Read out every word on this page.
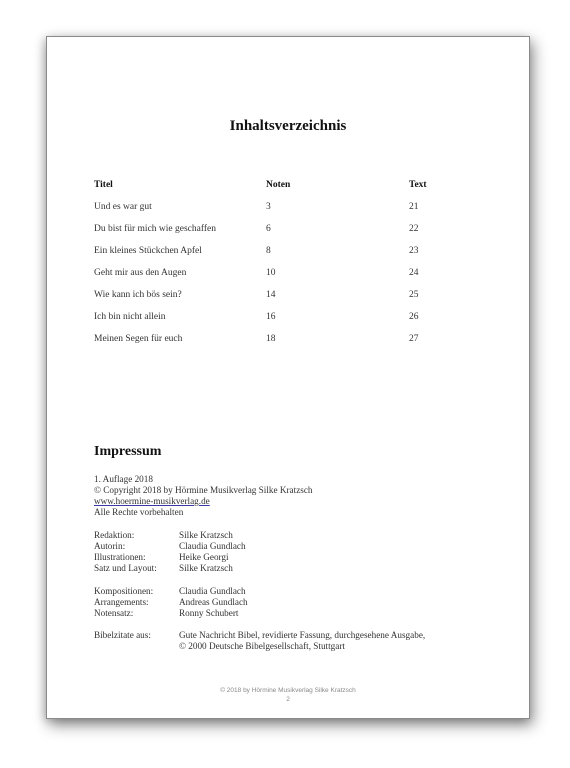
Inhaltsverzeichnis
Titel	Noten	Text
Und es war gut	3	21
Du bist für mich wie geschaffen	6	22
Ein kleines Stückchen Apfel	8	23
Geht mir aus den Augen	10	24
Wie kann ich bös sein?	14	25
Ich bin nicht allein	16	26
Meinen Segen für euch	18	27
Impressum
1. Auflage 2018
© Copyright 2018 by Hörmine Musikverlag Silke Kratzsch
www.hoermine-musikverlag.de
Alle Rechte vorbehalten
Redaktion:	Silke Kratzsch
Autorin:	Claudia Gundlach
Illustrationen:	Heike Georgi
Satz und Layout: Silke Kratzsch
Kompositionen:	Claudia Gundlach
Arrangements:	Andreas Gundlach
Notensatz:	Ronny Schubert
Bibelzitate aus:	Gute Nachricht Bibel, revidierte Fassung, durchgesehene Ausgabe,
© 2000 Deutsche Bibelgesellschaft, Stuttgart
© 2018 by Hörmine Musikverlag Silke Kratzsch
2
